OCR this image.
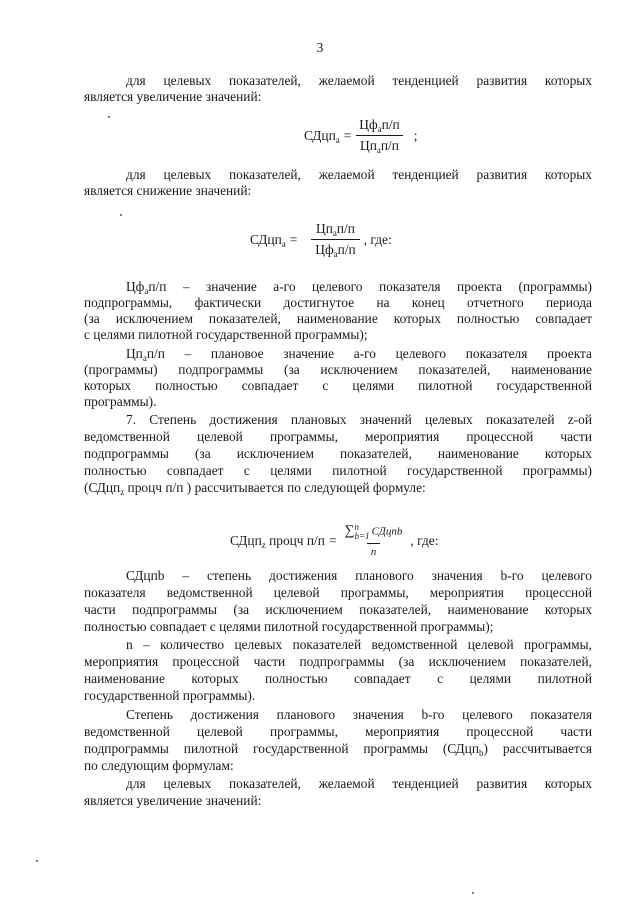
3
для целевых показателей, желаемой тенденцией развития которых
является увеличение значений:
СДцп$_а$ =
$Цф_ап/п$
$Цп_ап/п$
;
для целевых показателей, желаемой тенденцией развития которых
является снижение значений:
СДцп$_а$ =
$Цп_ап/п$
$Цф_ап/п$
, где:
$Цф_ап/п$ – значение а-го целевого показателя проекта (программы)
подпрограммы, фактически достигнутое на конец отчетного периода
(за исключением показателей, наименование которых полностью совпадает
с целями пилотной государственной программы);
$Цп_ап/п$ – плановое значение а-го целевого показателя проекта
(программы) подпрограммы (за исключением показателей, наименование
которых полностью совпадает с целями пилотной государственной
программы).
7. Степень достижения плановых значений целевых показателей z-ой
ведомственной целевой программы, мероприятия процессной части
подпрограммы (за исключением показателей, наименование которых
полностью совпадает с целями пилотной государственной программы)
(СДцп$_z$ процч п/п ) рассчитывается по следующей формуле:
СДцп$_z$ процч п/п =
∑ n
b=1 СДцпb
n
, где:
СДцпb – степень достижения планового значения b-го целевого
показателя ведомственной целевой программы, мероприятия процессной
части подпрограммы (за исключением показателей, наименование которых
полностью совпадает с целями пилотной государственной программы);
n – количество целевых показателей ведомственной целевой программы,
мероприятия процессной части подпрограммы (за исключением показателей,
наименование которых полностью совпадает с целями пилотной
государственной программы).
Степень достижения планового значения b-го целевого показателя
ведомственной целевой программы, мероприятия процессной части
подпрограммы пилотной государственной программы (СДцп$_b$) рассчитывается
по следующим формулам:
для целевых показателей, желаемой тенденцией развития которых
является увеличение значений:
